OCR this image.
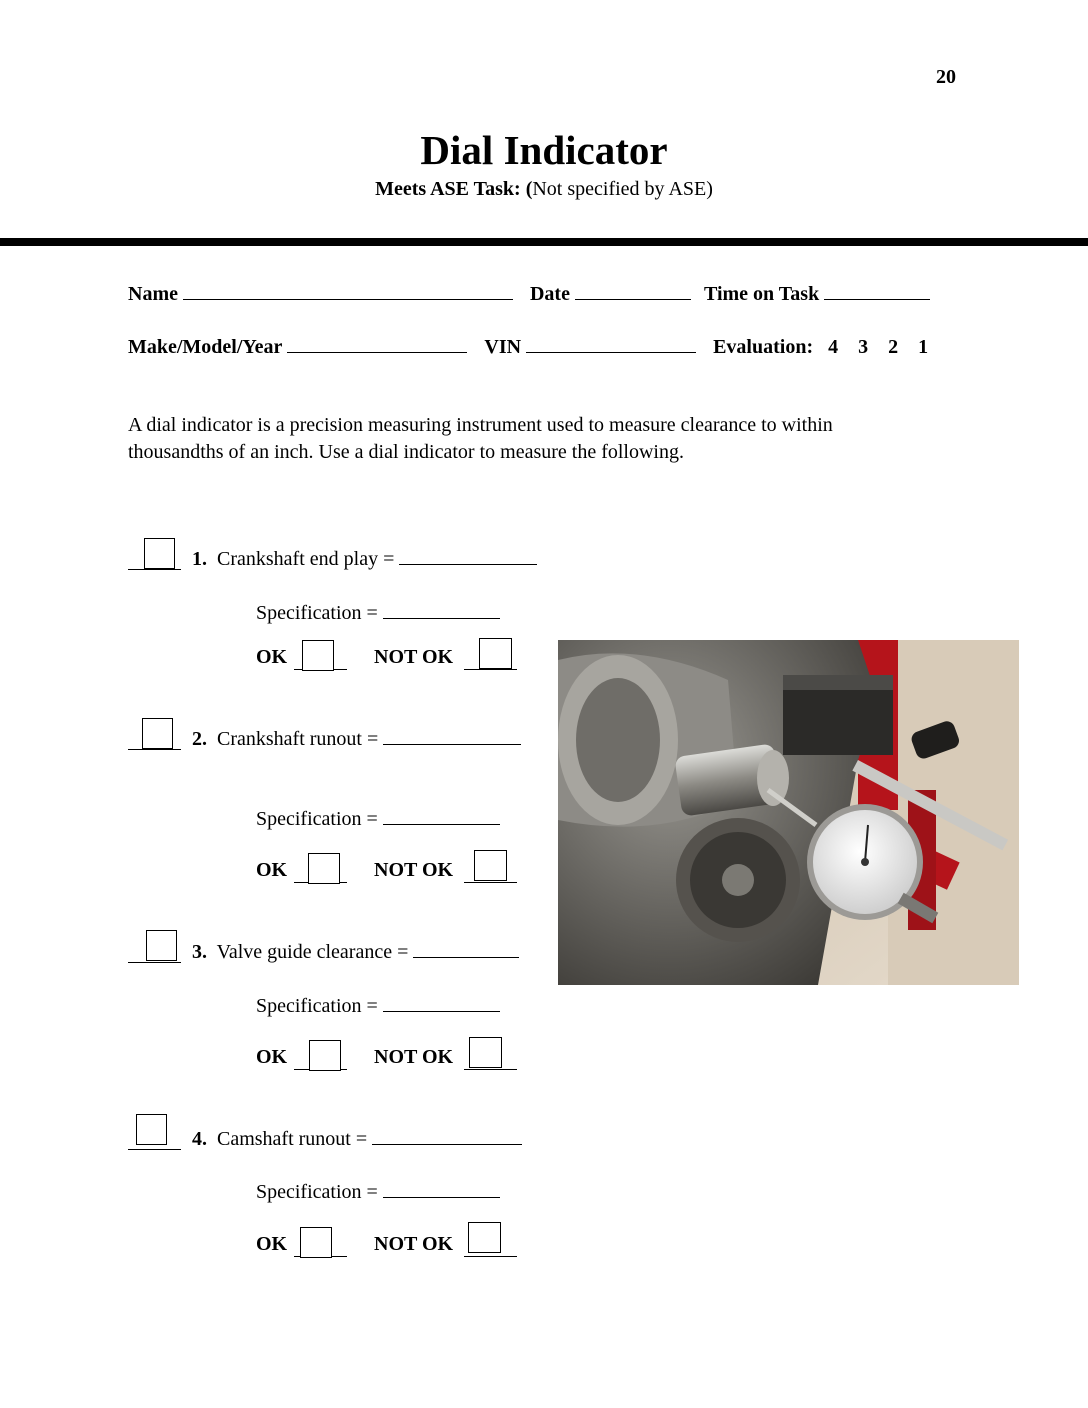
20
Dial Indicator
Meets ASE Task: (Not specified by ASE)
Name	Date	Time on Task
Make/Model/Year	VIN	Evaluation: 4    3    2    1
A dial indicator is a precision measuring instrument used to measure clearance to within thousandths of an inch. Use a dial indicator to measure the following.
1. Crankshaft end play =
Specification =
OK	NOT OK
2. Crankshaft runout =
Specification =
OK	NOT OK
3. Valve guide clearance =
Specification =
OK	NOT OK
4. Camshaft runout =
Specification =
OK	NOT OK
